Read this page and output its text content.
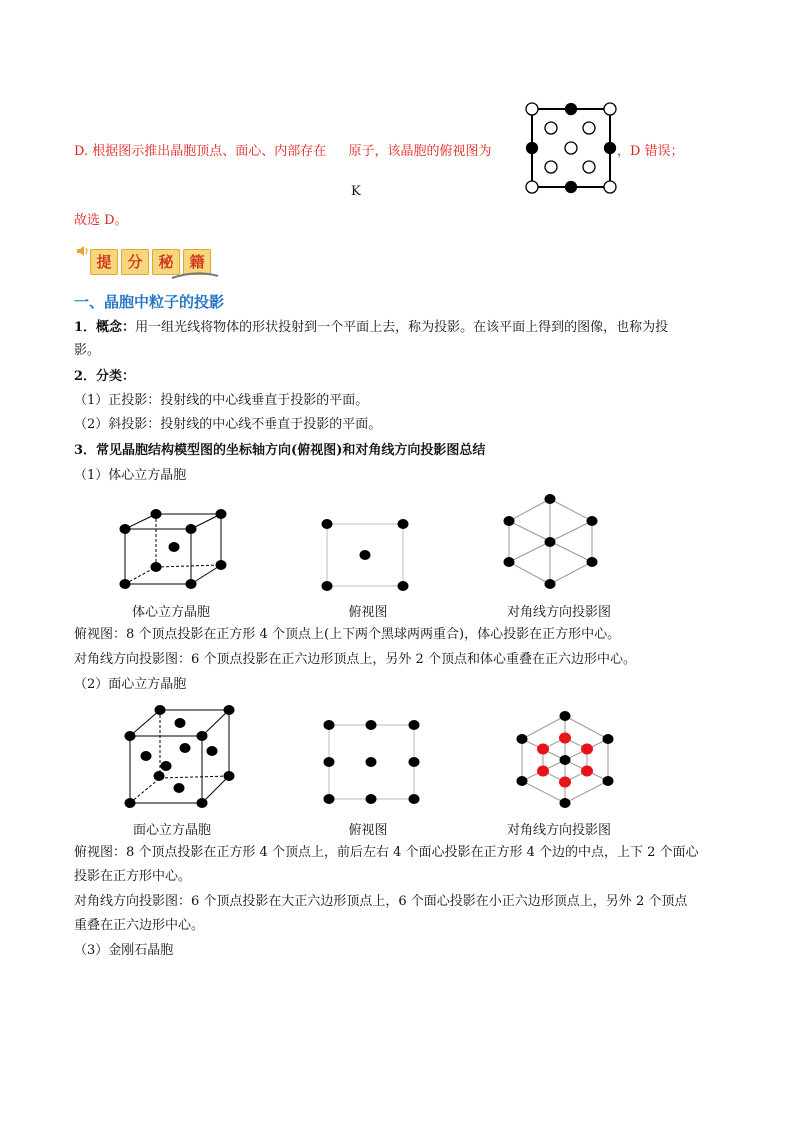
D. 根据图示推出晶胞顶点、面心、内部存在 原子，该晶胞的俯视图为	，D 错误；
K
故选 D。
提	分	秘	籍
一、晶胞中粒子的投影
1．概念：用一组光线将物体的形状投射到一个平面上去，称为投影。在该平面上得到的图像，也称为投
影。
2．分类：
（1）正投影：投射线的中心线垂直于投影的平面。
（2）斜投影：投射线的中心线不垂直于投影的平面。
3．常见晶胞结构模型图的坐标轴方向(俯视图)和对角线方向投影图总结
（1）体心立方晶胞
体心立方晶胞	俯视图	对角线方向投影图
俯视图：8 个顶点投影在正方形 4 个顶点上(上下两个黑球两两重合)，体心投影在正方形中心。
对角线方向投影图：6 个顶点投影在正六边形顶点上，另外 2 个顶点和体心重叠在正六边形中心。
（2）面心立方晶胞
面心立方晶胞	俯视图	对角线方向投影图
俯视图：8 个顶点投影在正方形 4 个顶点上，前后左右 4 个面心投影在正方形 4 个边的中点，上下 2 个面心
投影在正方形中心。
对角线方向投影图：6 个顶点投影在大正六边形顶点上，6 个面心投影在小正六边形顶点上，另外 2 个顶点
重叠在正六边形中心。
（3）金刚石晶胞
